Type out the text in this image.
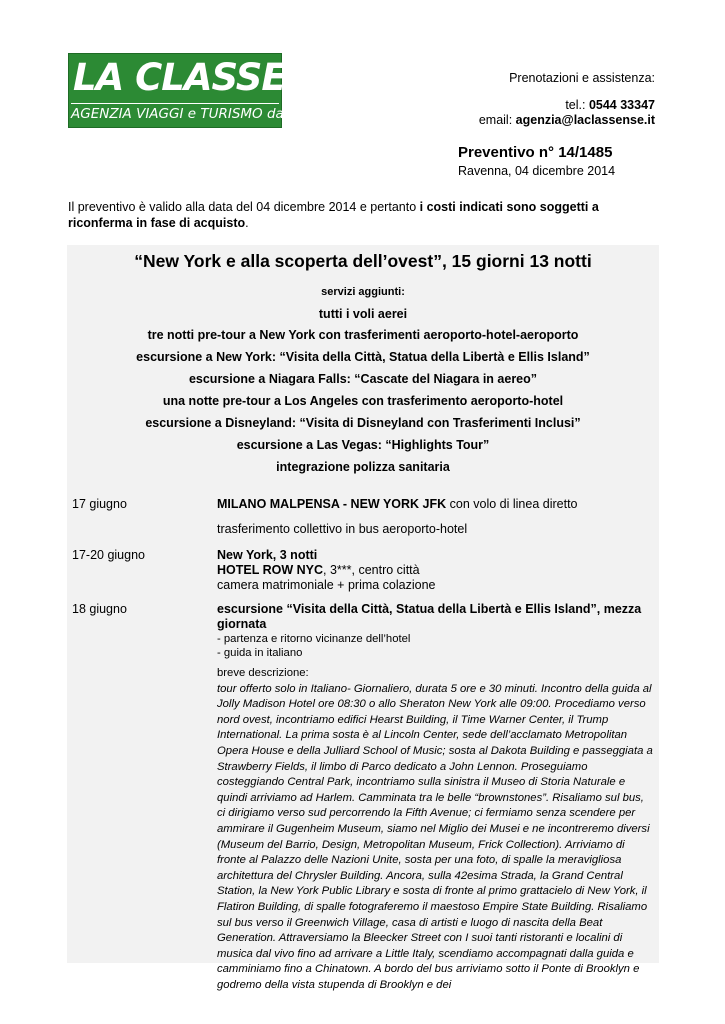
LA CLASSENSE
AGENZIA VIAGGI e TURISMO dal 1970
Prenotazioni e assistenza:
tel.: 0544 33347
email: agenzia@laclassense.it
Preventivo n° 14/1485
Ravenna, 04 dicembre 2014
Il preventivo è valido alla data del 04 dicembre 2014 e pertanto i costi indicati sono soggetti a riconferma in fase di acquisto.
“New York e alla scoperta dell’ovest”, 15 giorni 13 notti
servizi aggiunti:
tutti i voli aerei
tre notti pre-tour a New York con trasferimenti aeroporto-hotel-aeroporto
escursione a New York: “Visita della Città, Statua della Libertà e Ellis Island”
escursione a Niagara Falls: “Cascate del Niagara in aereo”
una notte pre-tour a Los Angeles con trasferimento aeroporto-hotel
escursione a Disneyland: “Visita di Disneyland con Trasferimenti Inclusi”
escursione a Las Vegas: “Highlights Tour”
integrazione polizza sanitaria
17 giugno	MILANO MALPENSA - NEW YORK JFK con volo di linea diretto
trasferimento collettivo in bus aeroporto-hotel
17-20 giugno	New York, 3 notti
HOTEL ROW NYC, 3***, centro città
camera matrimoniale + prima colazione
18 giugno	escursione “Visita della Città, Statua della Libertà e Ellis Island”, mezza giornata
- partenza e ritorno vicinanze dell’hotel
- guida in italiano
breve descrizione:
tour offerto solo in Italiano- Giornaliero, durata 5 ore e 30 minuti. Incontro della guida al Jolly Madison Hotel ore 08:30 o allo Sheraton New York alle 09:00. Procediamo verso nord ovest, incontriamo edifici Hearst Building, il Time Warner Center, il Trump International. La prima sosta è al Lincoln Center, sede dell’acclamato Metropolitan Opera House e della Julliard School of Music; sosta al Dakota Building e passeggiata a Strawberry Fields, il limbo di Parco dedicato a John Lennon. Proseguiamo costeggiando Central Park, incontriamo sulla sinistra il Museo di Storia Naturale e quindi arriviamo ad Harlem. Camminata tra le belle “brownstones”. Risaliamo sul bus, ci dirigiamo verso sud percorrendo la Fifth Avenue; ci fermiamo senza scendere per ammirare il Gugenheim Museum, siamo nel Miglio dei Musei e ne incontreremo diversi (Museum del Barrio, Design, Metropolitan Museum, Frick Collection). Arriviamo di fronte al Palazzo delle Nazioni Unite, sosta per una foto, di spalle la meravigliosa architettura del Chrysler Building. Ancora, sulla 42esima Strada, la Grand Central Station, la New York Public Library e sosta di fronte al primo grattacielo di New York, il Flatiron Building, di spalle fotograferemo il maestoso Empire State Building. Risaliamo sul bus verso il Greenwich Village, casa di artisti e luogo di nascita della Beat Generation. Attraversiamo la Bleecker Street con I suoi tanti ristoranti e localini di musica dal vivo fino ad arrivare a Little Italy, scendiamo accompagnati dalla guida e camminiamo fino a Chinatown. A bordo del bus arriviamo sotto il Ponte di Brooklyn e godremo della vista stupenda di Brooklyn e dei
